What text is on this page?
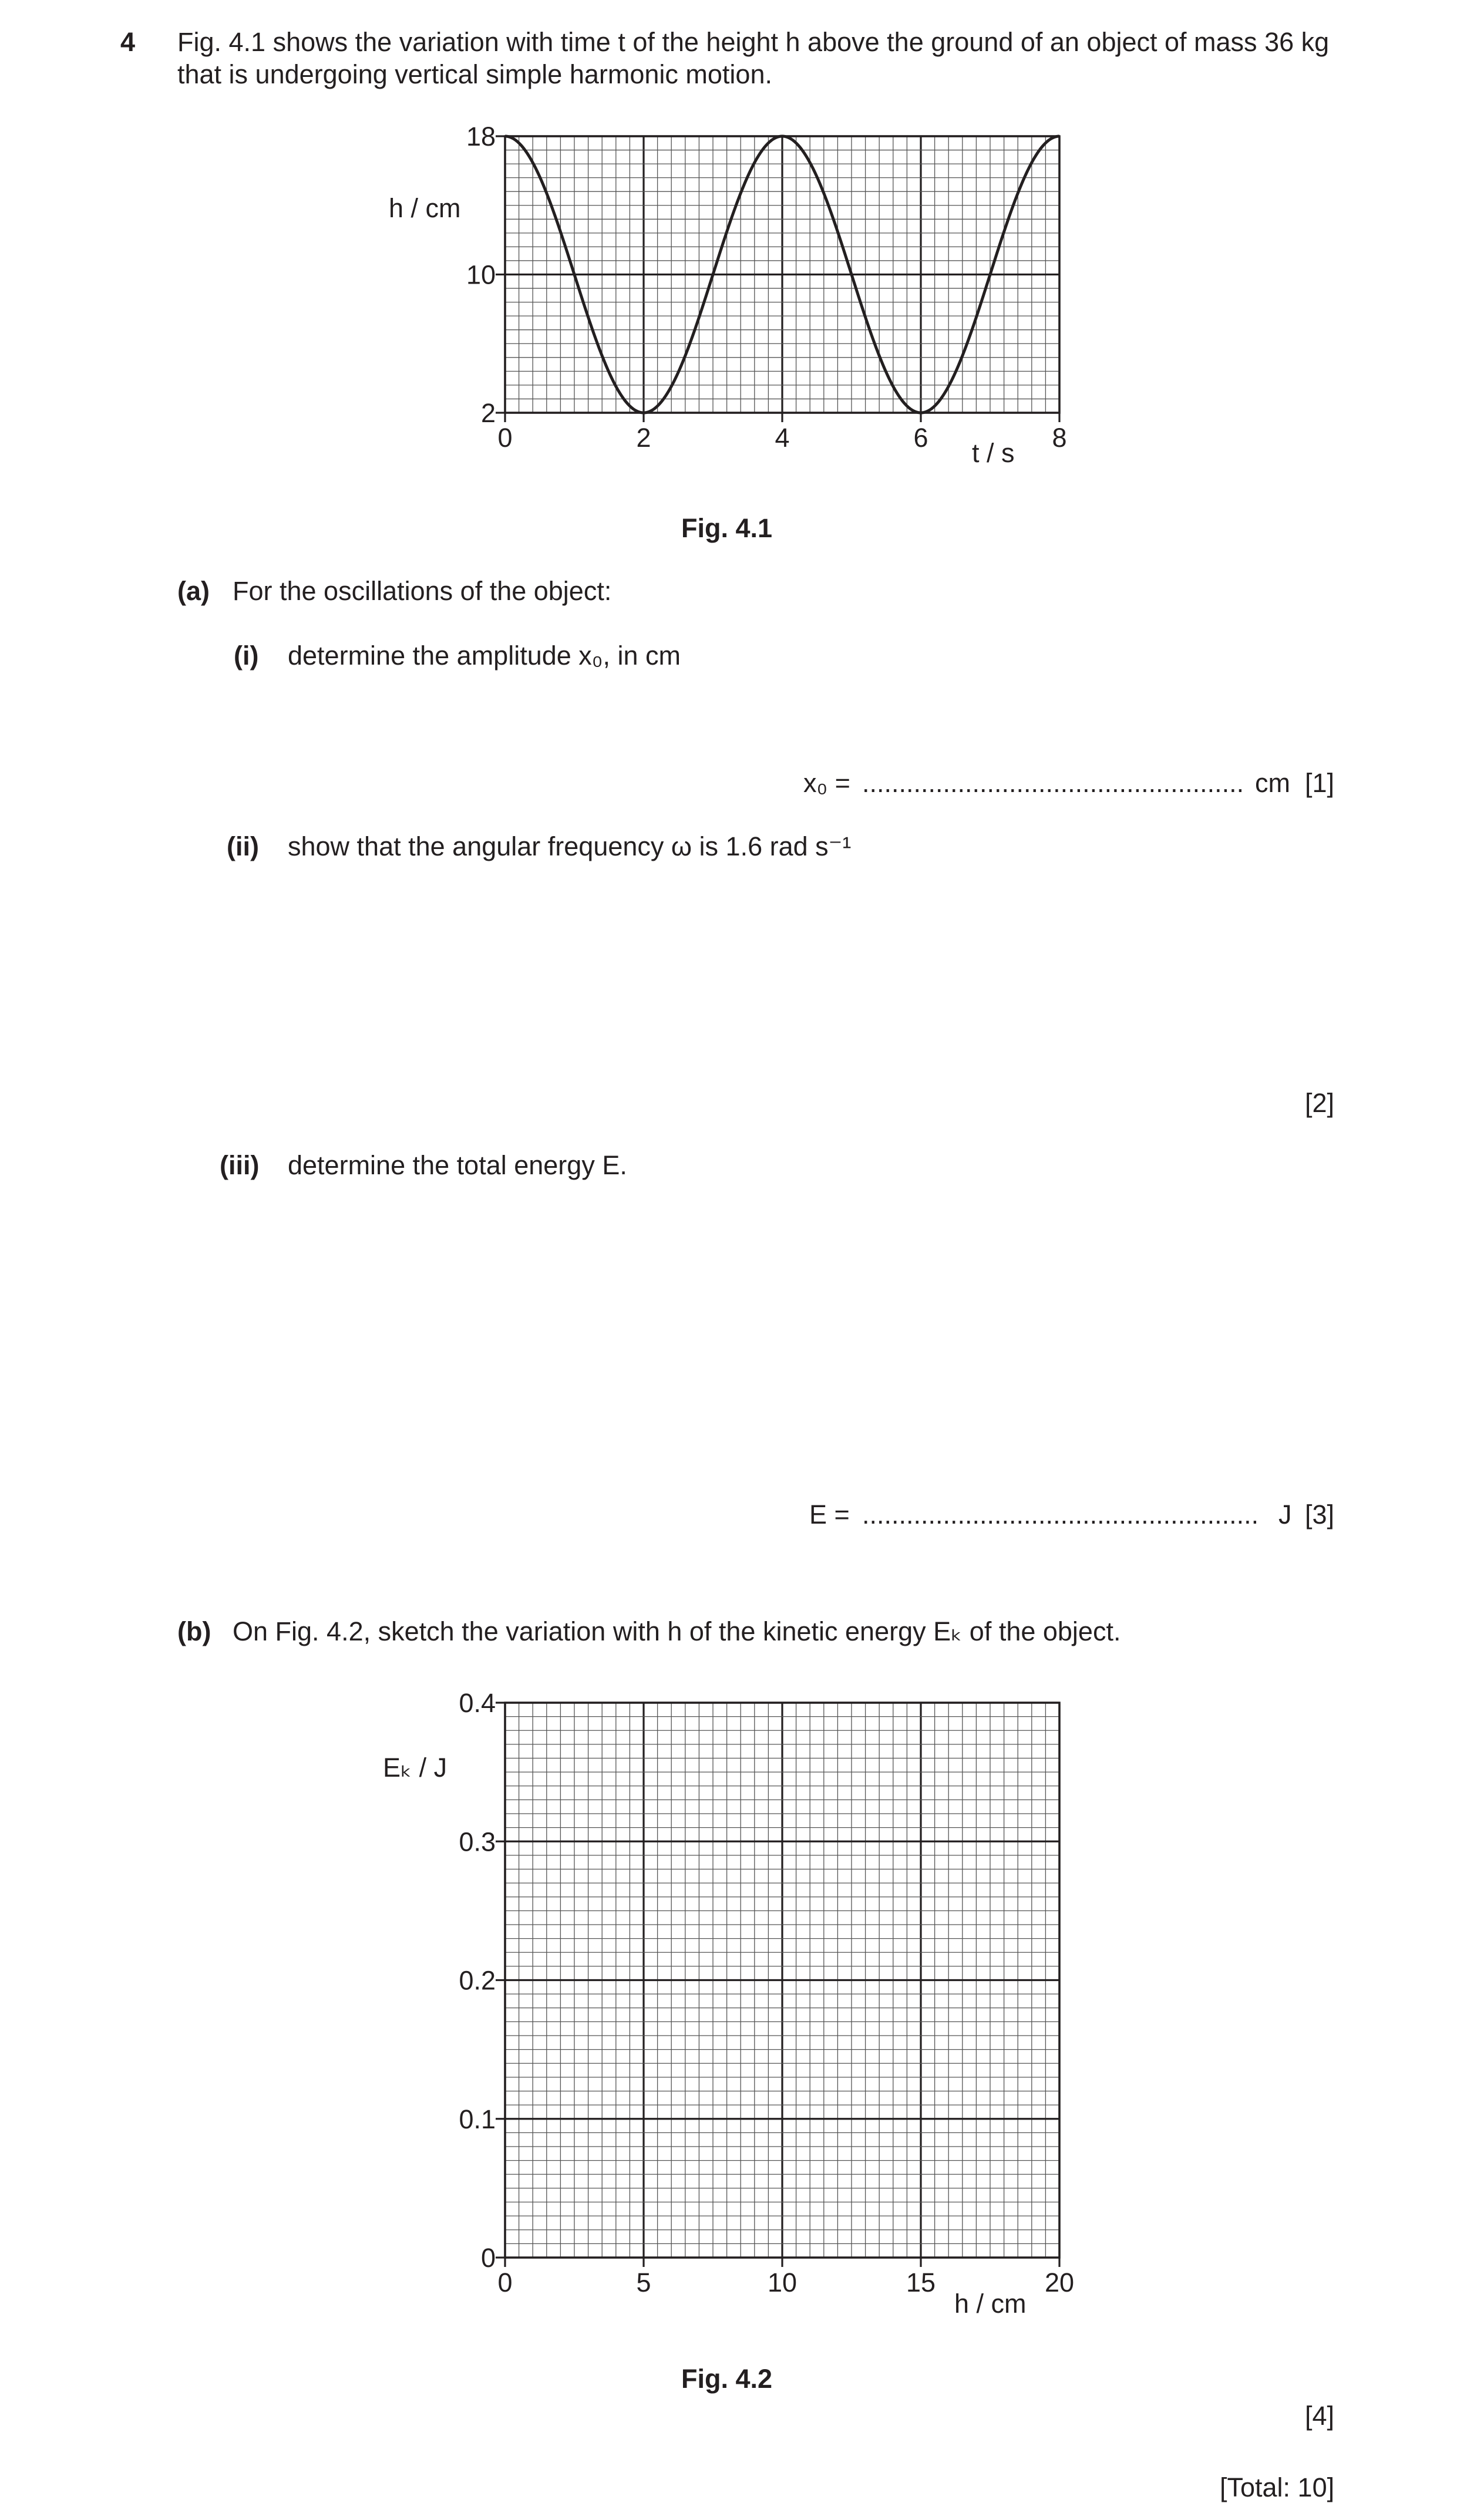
4 Fig. 4.1 shows the variation with time t of the height h above the ground of an object of mass 36 kg
that is undergoing vertical simple harmonic motion.
0	2	4	6	8
2
10
18
0	5	10	15	20
0
0.1
0.2
0.3
0.4
h / cm
t / s
Fig. 4.1
(a) For the oscillations of the object:
(i) determine the amplitude x₀, in cm
x₀ = .................................................... cm [1]
(ii) show that the angular frequency ω is 1.6 rad s⁻¹
[2]
(iii) determine the total energy E.
E = ...................................................... J [3]
(b) On Fig. 4.2, sketch the variation with h of the kinetic energy Eₖ of the object.
Eₖ / J
h / cm
Fig. 4.2
[4]
[Total: 10]
